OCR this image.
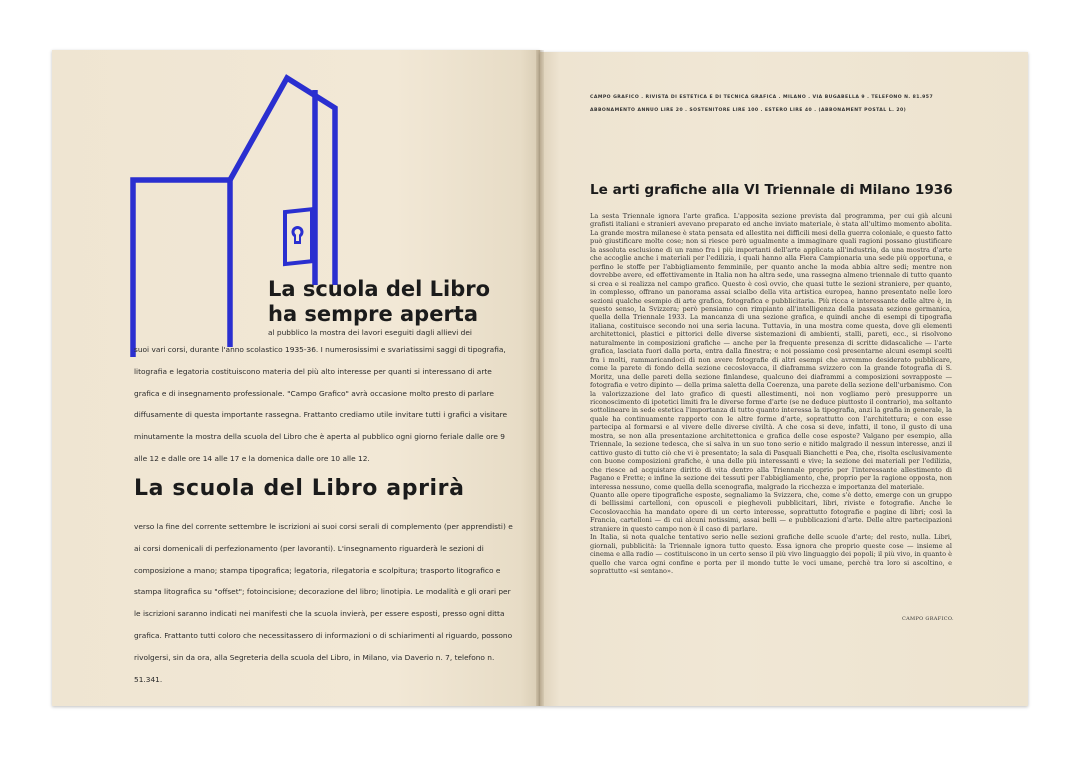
La scuola del Libro
ha sempre aperta

al pubblico la mostra dei lavori eseguiti dagli allievi dei

suoi vari corsi, durante l'anno scolastico 1935-36. I numerosissimi e svariatissimi saggi di tipografia, litografia e legatoria costituiscono materia del più alto interesse per quanti si interessano di arte grafica e di insegnamento professionale. "Campo Grafico" avrà occasione molto presto di parlare diffusamente di questa importante rassegna. Frattanto crediamo utile invitare tutti i grafici a visitare minutamente la mostra della scuola del Libro che è aperta al pubblico ogni giorno feriale dalle ore 9 alle 12 e dalle ore 14 alle 17 e la domenica dalle ore 10 alle 12.

La scuola del Libro aprirà

verso la fine del corrente settembre le iscrizioni ai suoi corsi serali di complemento (per apprendisti) e ai corsi domenicali di perfezionamento (per lavoranti). L'insegnamento riguarderà le sezioni di composizione a mano; stampa tipografica; legatoria, rilegatoria e scolpitura; trasporto litografico e stampa litografica su "offset"; fotoincisione; decorazione del libro; linotipia. Le modalità e gli orari per le iscrizioni saranno indicati nei manifesti che la scuola invierà, per essere esposti, presso ogni ditta grafica. Frattanto tutti coloro che necessitassero di informazioni o di schiarimenti al riguardo, possono rivolgersi, sin da ora, alla Segreteria della scuola del Libro, in Milano, via Daverio n. 7, telefono n. 51.341.

CAMPO GRAFICO . RIVISTA DI ESTETICA E DI TECNICA GRAFICA . MILANO . VIA BUGABELLA 9 . TELEFONO N. 81.957

ABBONAMENTO ANNUO LIRE 20 . SOSTENITORE LIRE 100 . ESTERO LIRE 40 . (ABBONAMENT POSTAL L. 20)

Le arti grafiche alla VI Triennale di Milano 1936

La sesta Triennale ignora l'arte grafica. L'apposita sezione prevista dal programma, per cui già alcuni grafisti italiani e stranieri avevano preparato ed anche inviato materiale, è stata all'ultimo momento abolita. La grande mostra milanese è stata pensata ed allestita nei difficili mesi della guerra coloniale, e questo fatto può giustificare molte cose; non si riesce però ugualmente a immaginare quali ragioni possano giustificare la assoluta esclusione di un ramo fra i più importanti dell'arte applicata all'industria, da una mostra d'arte che accoglie anche i materiali per l'edilizia, i quali hanno alla Fiera Campionaria una sede più opportuna, e perfino le stoffe per l'abbigliamento femminile, per quanto anche la moda abbia altre sedi; mentre non dovrebbe avere, ed effettivamente in Italia non ha altra sede, una rassegna almeno triennale di tutto quanto si crea e si realizza nel campo grafico. Questo è così ovvio, che quasi tutte le sezioni straniere, per quanto, in complesso, offrano un panorama assai scialbo della vita artistica europea, hanno presentato nelle loro sezioni qualche esempio di arte grafica, fotografica e pubblicitaria. Più ricca e interessante delle altre è, in questo senso, la Svizzera; però pensiamo con rimpianto all'intelligenza della passata sezione germanica, quella della Triennale 1933. La mancanza di una sezione grafica, e quindi anche di esempi di tipografia italiana, costituisce secondo noi una seria lacuna. Tuttavia, in una mostra come questa, dove gli elementi architettonici, plastici e pittorici delle diverse sistemazioni di ambienti, stalli, pareti, ecc., si risolvono naturalmente in composizioni grafiche — anche per la frequente presenza di scritte didascaliche — l'arte grafica, lasciata fuori dalla porta, entra dalla finestra; e noi possiamo così presentarne alcuni esempi scelti fra i molti, rammaricandoci di non avere fotografie di altri esempi che avremmo desiderato pubblicare, come la parete di fondo della sezione cecoslovacca, il diaframma svizzero con la grande fotografia di S. Moritz, una delle pareti della sezione finlandese, qualcuno dei diaframmi a composizioni sovrapposte — fotografia e vetro dipinto — della prima saletta della Coerenza, una parete della sezione dell'urbanismo. Con la valorizzazione del lato grafico di questi allestimenti, noi non vogliamo però presupporre un riconoscimento di ipotetici limiti fra le diverse forme d'arte (se ne deduce piuttosto il contrario), ma soltanto sottolineare in sede estetica l'importanza di tutto quanto interessa la tipografia, anzi la grafia in generale, la quale ha continuamente rapporto con le altre forme d'arte, soprattutto con l'architettura; e con esse partecipa al formarsi e al vivere delle diverse civiltà. A che cosa si deve, infatti, il tono, il gusto di una mostra, se non alla presentazione architettonica e grafica delle cose esposte? Valgano per esempio, alla Triennale, la sezione tedesca, che si salva in un suo tono serio e nitido malgrado il nessun interesse, anzi il cattivo gusto di tutto ciò che vi è presentato; la sala di Pasquali Bianchetti e Pea, che, risolta esclusivamente con buone composizioni grafiche, è una delle più interessanti e vive; la sezione dei materiali per l'edilizia, che riesce ad acquistare diritto di vita dentro alla Triennale proprio per l'interessante allestimento di Pagano e Frette; e infine la sezione dei tessuti per l'abbigliamento, che, proprio per la ragione opposta, non interessa nessuno, come quella della scenografia, malgrado la ricchezza e importanza del materiale.

Quanto alle opere tipografiche esposte, segnaliamo la Svizzera, che, come s'è detto, emerge con un gruppo di bellissimi cartelloni, con opuscoli e pieghevoli pubblicitari, libri, riviste e fotografie. Anche le Cecoslovacchia ha mandato opere di un certo interesse, soprattutto fotografie e pagine di libri; così la Francia, cartelloni — di cui alcuni notissimi, assai belli — e pubblicazioni d'arte. Delle altre partecipazioni straniere in questo campo non è il caso di parlare.

In Italia, si nota qualche tentativo serio nelle sezioni grafiche delle scuole d'arte; del resto, nulla. Libri, giornali, pubblicità: la Triennale ignora tutto questo. Essa ignora che proprio queste cose — insieme al cinema e alla radio — costituiscono in un certo senso il più vivo linguaggio dei popoli; il più vivo, in quanto è quello che varca ogni confine e porta per il mondo tutte le voci umane, perchè tra loro si ascoltino, e soprattutto «si sentano».

CAMPO GRAFICO.
